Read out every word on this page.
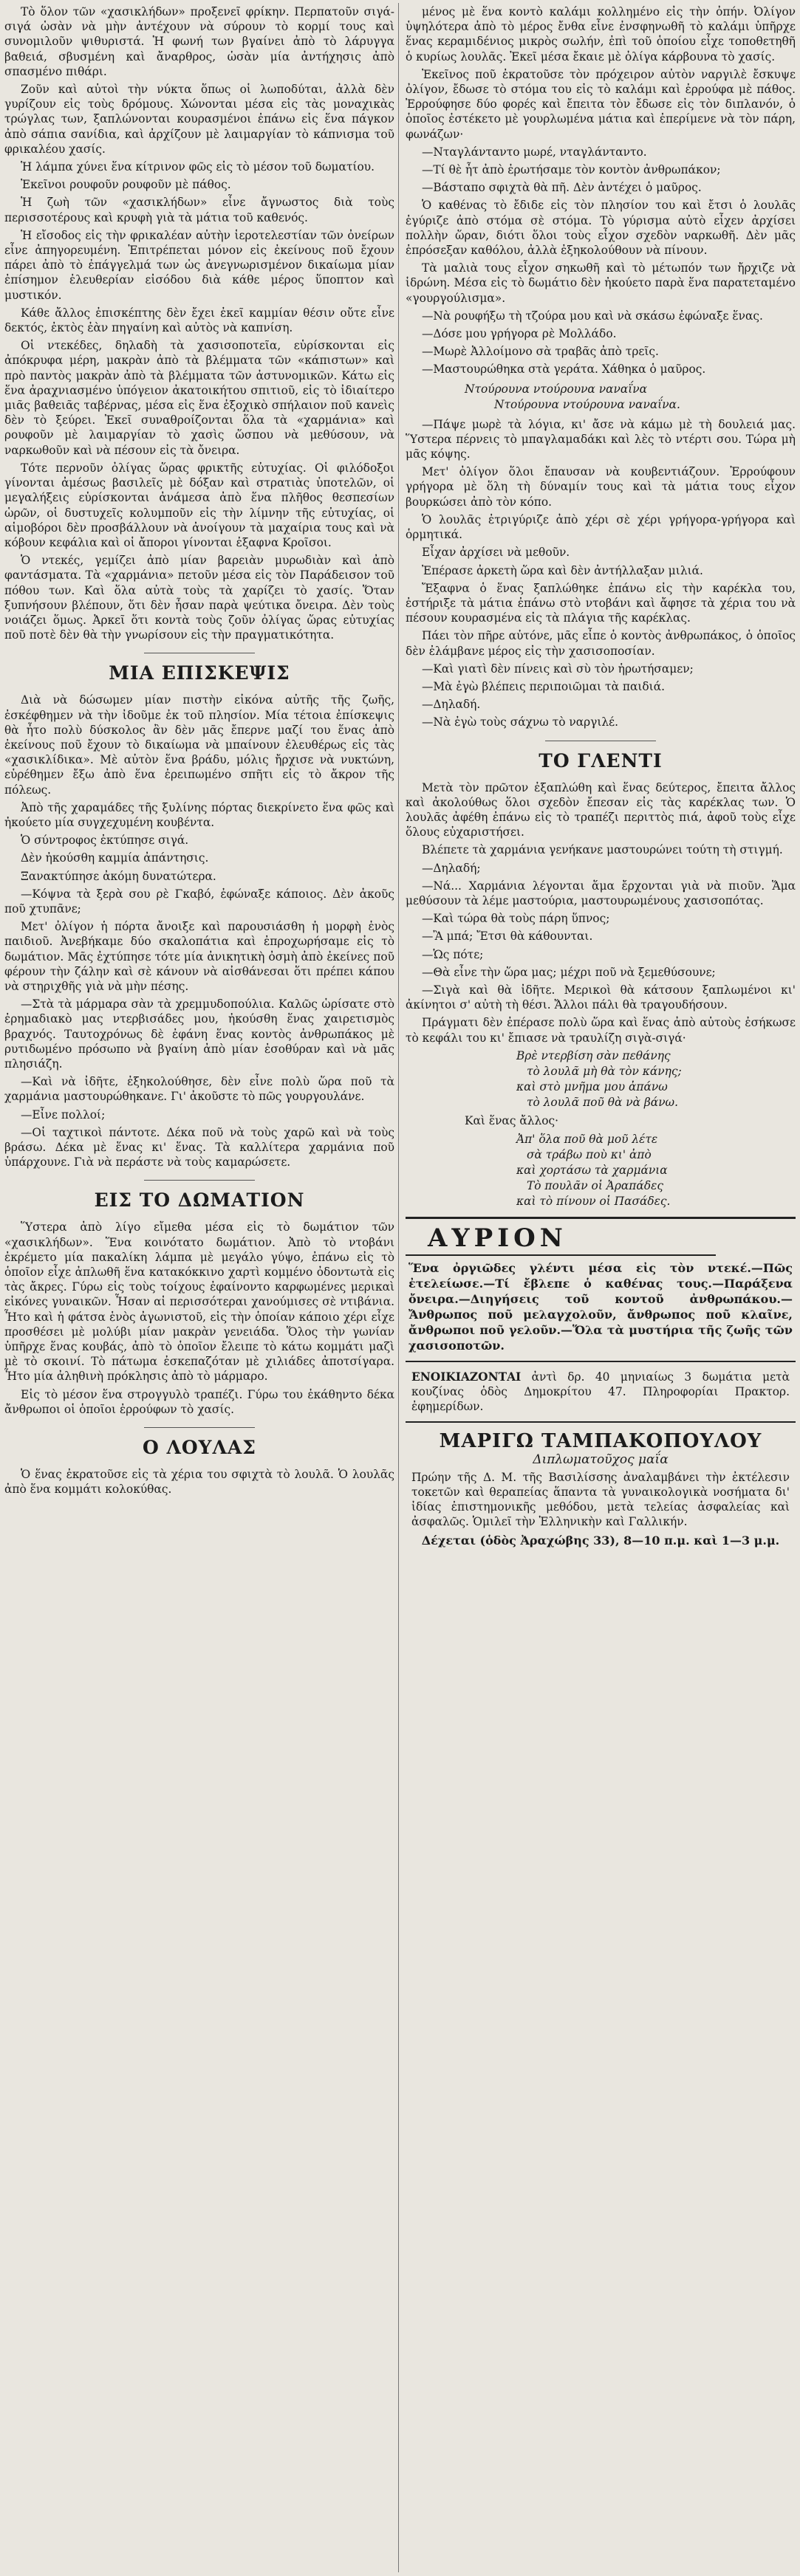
Τὸ ὅλον τῶν «χασικλήδων» προξενεῖ φρίκην. Περπατοῦν σιγά-σιγά ὡσὰν νὰ μὴν ἀντέχουν νὰ σύρουν τὸ κορμί τους καὶ συνομιλοῦν ψιθυριστά. Ἡ φωνή των βγαίνει ἀπὸ τὸ λάρυγγα βαθειά, σβυσμένη καὶ ἄναρθρος, ὡσὰν μία ἀντήχησις ἀπὸ σπασμένο πιθάρι.

Ζοῦν καὶ αὐτοὶ τὴν νύκτα ὅπως οἱ λωποδύται, ἀλλὰ δὲν γυρίζουν εἰς τοὺς δρόμους. Χώνονται μέσα εἰς τὰς μοναχικὰς τρώγλας των, ξαπλώνονται κουρασμένοι ἐπάνω εἰς ἕνα πάγκον ἀπὸ σάπια σανίδια, καὶ ἀρχίζουν μὲ λαιμαργίαν τὸ κάπνισμα τοῦ φρικαλέου χασίς.

Ἡ λάμπα χύνει ἕνα κίτρινον φῶς εἰς τὸ μέσον τοῦ δωματίου.

Ἐκεῖνοι ρουφοῦν ρουφοῦν μὲ πάθος.

Ἡ ζωὴ τῶν «χασικλήδων» εἶνε ἄγνωστος διὰ τοὺς περισσοτέρους καὶ κρυφὴ γιὰ τὰ μάτια τοῦ καθενός.

Ἡ εἴσοδος εἰς τὴν φρικαλέαν αὐτὴν ἱεροτελεστίαν τῶν ὀνείρων εἶνε ἀπηγορευμένη. Ἐπιτρέπεται μόνον εἰς ἐκείνους ποῦ ἔχουν πάρει ἀπὸ τὸ ἐπάγγελμά των ὡς ἀνεγνωρισμένον δικαίωμα μίαν ἐπίσημον ἐλευθερίαν εἰσόδου διὰ κάθε μέρος ὕποπτον καὶ μυστικόν.

Κάθε ἄλλος ἐπισκέπτης δὲν ἔχει ἐκεῖ καμμίαν θέσιν οὔτε εἶνε δεκτός, ἐκτὸς ἐὰν πηγαίνη καὶ αὐτὸς νὰ καπνίση.

Οἱ ντεκέδες, δηλαδὴ τὰ χασισοποτεῖα, εὑρίσκονται εἰς ἀπόκρυφα μέρη, μακρὰν ἀπὸ τὰ βλέμματα τῶν «κάπιστων» καὶ πρὸ παντὸς μακρὰν ἀπὸ τὰ βλέμματα τῶν ἀστυνομικῶν. Κάτω εἰς ἕνα ἀραχνιασμένο ὑπόγειον ἀκατοικήτου σπιτιοῦ, εἰς τὸ ἰδιαίτερο μιᾶς βαθειᾶς ταβέρνας, μέσα εἰς ἕνα ἐξοχικὸ σπήλαιον ποῦ κανεὶς δὲν τὸ ξεύρει. Ἐκεῖ συναθροίζονται ὅλα τὰ «χαρμάνια» καὶ ρουφοῦν μὲ λαιμαργίαν τὸ χασὶς ὥσπου νὰ μεθύσουν, νὰ ναρκωθοῦν καὶ νὰ πέσουν εἰς τὰ ὄνειρα.

Τότε περνοῦν ὀλίγας ὥρας φρικτῆς εὐτυχίας. Οἱ φιλόδοξοι γίνονται ἀμέσως βασιλεῖς μὲ δόξαν καὶ στρατιὰς ὑποτελῶν, οἱ μεγαλήξεις εὑρίσκονται ἀνάμεσα ἀπὸ ἕνα πλῆθος θεσπεσίων ὡρῶν, οἱ δυστυχεῖς κολυμποῦν εἰς τὴν λίμνην τῆς εὐτυχίας, οἱ αἱμοβόροι δὲν προσβάλλουν νὰ ἀνοίγουν τὰ μαχαίρια τους καὶ νὰ κόβουν κεφάλια καὶ οἱ ἄποροι γίνονται ἐξαφνα Κροῖσοι.

Ὁ ντεκές, γεμίζει ἀπὸ μίαν βαρειὰν μυρωδιὰν καὶ ἀπὸ φαντάσματα. Τὰ «χαρμάνια» πετοῦν μέσα εἰς τὸν Παράδεισον τοῦ πόθου των. Καὶ ὅλα αὐτὰ τοὺς τὰ χαρίζει τὸ χασίς. Ὅταν ξυπνήσουν βλέπουν, ὅτι δὲν ἦσαν παρὰ ψεύτικα ὄνειρα. Δὲν τοὺς νοιάζει ὅμως. Ἀρκεῖ ὅτι κοντὰ τοὺς ζοῦν ὀλίγας ὥρας εὐτυχίας ποῦ ποτὲ δὲν θὰ τὴν γνωρίσουν εἰς τὴν πραγματικότητα.

ΜΙΑ ΕΠΙΣΚΕΨΙΣ

Διὰ νὰ δώσωμεν μίαν πιστὴν εἰκόνα αὐτῆς τῆς ζωῆς, ἐσκέφθημεν νὰ τὴν ἰδοῦμε ἐκ τοῦ πλησίον. Μία τέτοια ἐπίσκεψις θὰ ἦτο πολὺ δύσκολος ἂν δὲν μᾶς ἔπερνε μαζί του ἕνας ἀπὸ ἐκείνους ποῦ ἔχουν τὸ δικαίωμα νὰ μπαίνουν ἐλευθέρως εἰς τὰς «χασικλίδικα». Μὲ αὐτὸν ἕνα βράδυ, μόλις ἤρχισε νὰ νυκτώνη, εὑρέθημεν ἔξω ἀπὸ ἕνα ἐρειπωμένο σπῆτι εἰς τὸ ἄκρον τῆς πόλεως.

Ἀπὸ τῆς χαραμάδες τῆς ξυλίνης πόρτας διεκρίνετο ἕνα φῶς καὶ ἠκούετο μία συγχεχυμένη κουβέντα.

Ὁ σύντροφος ἐκτύπησε σιγά.

Δὲν ἠκούσθη καμμία ἀπάντησις.

Ξανακτύπησε ἀκόμη δυνατώτερα.

—Κόψνα τὰ ξερὰ σου ρὲ Γκαβό, ἐφώναξε κάποιος. Δὲν ἀκοῦς ποῦ χτυπᾶνε;

Μετ' ὀλίγον ἡ πόρτα ἄνοιξε καὶ παρουσιάσθη ἡ μορφὴ ἑνὸς παιδιοῦ. Ἀνεβήκαμε δύο σκαλοπάτια καὶ ἐπροχωρήσαμε εἰς τὸ δωμάτιον. Μᾶς ἐχτύπησε τότε μία ἀνικητικὴ ὀσμὴ ἀπὸ ἐκείνες ποῦ φέρουν τὴν ζάλην καὶ σὲ κάνουν νὰ αἰσθάνεσαι ὅτι πρέπει κάπου νὰ στηριχθῆς γιὰ νὰ μὴν πέσης.

—Στὰ τὰ μάρμαρα σὰν τὰ χρεμμυδοπούλια. Καλῶς ὡρίσατε στὸ ἐρημαδιακὸ μας ντερβισάδες μου, ἠκούσθη ἕνας χαιρετισμὸς βραχνός. Ταυτοχρόνως δὲ ἐφάνη ἕνας κοντὸς ἀνθρωπάκος μὲ ρυτιδωμένο πρόσωπο νὰ βγαίνη ἀπὸ μίαν ἐσοθύραν καὶ νὰ μᾶς πλησιάζη.

—Καὶ νὰ ἰδῆτε, ἐξηκολούθησε, δὲν εἶνε πολὺ ὥρα ποῦ τὰ χαρμάνια μαστουρώθηκανε. Γι' ἀκοῦστε τὸ πῶς γουργουλάνε.

—Εἶνε πολλοί;

—Οἱ ταχτικοὶ πάντοτε. Δέκα ποῦ νὰ τοὺς χαρῶ καὶ νὰ τοὺς βράσω. Δέκα μὲ ἕνας κι' ἕνας. Τὰ καλλίτερα χαρμάνια ποῦ ὑπάρχουνε. Γιὰ νὰ περάστε νὰ τοὺς καμαρώσετε.

ΕΙΣ ΤΟ ΔΩΜΑΤΙΟΝ

Ὕστερα ἀπὸ λίγο εἴμεθα μέσα εἰς τὸ δωμάτιον τῶν «χασικλήδων». Ἕνα κοινότατο δωμάτιον. Ἀπὸ τὸ ντοβάνι ἐκρέμετο μία πακαλίκη λάμπα μὲ μεγάλο γύψο, ἐπάνω εἰς τὸ ὁποῖον εἶχε ἀπλωθῆ ἕνα κατακόκκινο χαρτὶ κομμένο ὀδοντωτὰ εἰς τὰς ἄκρες. Γύρω εἰς τοὺς τοίχους ἐφαίνοντο καρφωμένες μερικαὶ εἰκόνες γυναικῶν. Ἦσαν αἱ περισσότεραι χανούμισες σὲ ντιβάνια. Ἦτο καὶ ἡ φάτσα ἑνὸς ἀγωνιστοῦ, εἰς τὴν ὁποίαν κάποιο χέρι εἶχε προσθέσει μὲ μολύβι μίαν μακρὰν γενειάδα. Ὅλος τὴν γωνίαν ὑπῆρχε ἕνας κουβάς, ἀπὸ τὸ ὁποῖον ἔλειπε τὸ κάτω κομμάτι μαζὶ μὲ τὸ σκοινί. Τὸ πάτωμα ἐσκεπαζόταν μὲ χιλιάδες ἀποτσίγαρα. Ἦτο μία ἀληθινὴ πρόκλησις ἀπὸ τὸ μάρμαρο.

Εἰς τὸ μέσον ἕνα στρογγυλὸ τραπέζι. Γύρω του ἐκάθηντο δέκα ἄνθρωποι οἱ ὁποῖοι ἐρρούφων τὸ χασίς.

Ο ΛΟΥΛΑΣ

Ὁ ἕνας ἐκρατοῦσε εἰς τὰ χέρια του σφιχτὰ τὸ λουλᾶ. Ὁ λουλᾶς ἀπὸ ἕνα κομμάτι κολοκύθας.

μένος μὲ ἕνα κοντὸ καλάμι κολλημένο εἰς τὴν ὀπήν. Ὀλίγον ὑψηλότερα ἀπὸ τὸ μέρος ἔνθα εἶνε ἐνσφηνωθῆ τὸ καλάμι ὑπῆρχε ἕνας κεραμιδένιος μικρὸς σωλήν, ἐπὶ τοῦ ὁποίου εἶχε τοποθετηθῆ ὁ κυρίως λουλᾶς. Ἐκεῖ μέσα ἔκαιε μὲ ὀλίγα κάρβουνα τὸ χασίς.

Ἐκεῖνος ποῦ ἐκρατοῦσε τὸν πρόχειρον αὐτὸν ναργιλὲ ἔσκυψε ὀλίγον, ἔδωσε τὸ στόμα του εἰς τὸ καλάμι καὶ ἐρρούφα μὲ πάθος. Ἐρρούφησε δύο φορές καὶ ἔπειτα τὸν ἔδωσε εἰς τὸν διπλανόν, ὁ ὁποῖος ἐστέκετο μὲ γουρλωμένα μάτια καὶ ἐπερίμενε νὰ τὸν πάρη, φωνάζων·

—Νταγλάνταντο μωρέ, νταγλάνταντο.

—Τί θὲ ἦτ ἀπὸ ἐρωτήσαμε τὸν κοντὸν ἀνθρωπάκον;

—Βάσταπο σφιχτὰ θὰ πῆ. Δὲν ἀντέχει ὁ μαῦρος.

Ὁ καθένας τὸ ἔδιδε εἰς τὸν πλησίον του καὶ ἔτσι ὁ λουλᾶς ἐγύριζε ἀπὸ στόμα σὲ στόμα. Τὸ γύρισμα αὐτὸ εἶχεν ἀρχίσει πολλὴν ὥραν, διότι ὅλοι τοὺς εἶχον σχεδὸν ναρκωθῆ. Δὲν μᾶς ἐπρόσεξαν καθόλου, ἀλλὰ ἐξηκολούθουν νὰ πίνουν.

Τὰ μαλιὰ τους εἶχον σηκωθῆ καὶ τὸ μέτωπόν των ἤρχιζε νὰ ἱδρώνη. Μέσα εἰς τὸ δωμάτιο δὲν ἠκούετο παρὰ ἕνα παρατεταμένο «γουργούλισμα».

—Νὰ ρουφήξω τὴ τζούρα μου καὶ νὰ σκάσω ἐφώναξε ἕνας.

—Δόσε μου γρήγορα ρὲ Μολλάδο.

—Μωρὲ Ἀλλοίμονο σὰ τραβᾶς ἀπὸ τρεῖς.

—Μαστουρώθηκα στὰ γεράτα. Χάθηκα ὁ μαῦρος.

Ντούρουνα ντούρουνα ναναΐνα
Ντούρουνα ντούρουνα ναναΐνα.

—Πάψε μωρὲ τὰ λόγια, κι' ἄσε νὰ κάμω μὲ τὴ δουλειά μας. Ὕστερα πέρνεις τὸ μπαγλαμαδάκι καὶ λὲς τὸ ντέρτι σου. Τώρα μὴ μᾶς κόψης.

Μετ' ὀλίγον ὅλοι ἔπαυσαν νὰ κουβεντιάζουν. Ἐρρούφουν γρήγορα μὲ ὅλη τὴ δύναμίν τους καὶ τὰ μάτια τους εἶχον βουρκώσει ἀπὸ τὸν κόπο.

Ὁ λουλᾶς ἐτριγύριζε ἀπὸ χέρι σὲ χέρι γρήγορα-γρήγορα καὶ ὁρμητικά.

Εἶχαν ἀρχίσει νὰ μεθοῦν.

Ἐπέρασε ἀρκετὴ ὥρα καὶ δὲν ἀντήλλαξαν μιλιά.

Ἔξαφνα ὁ ἕνας ξαπλώθηκε ἐπάνω εἰς τὴν καρέκλα του, ἐστήριξε τὰ μάτια ἐπάνω στὸ ντοβάνι καὶ ἄφησε τὰ χέρια του νὰ πέσουν κουρασμένα εἰς τὰ πλάγια τῆς καρέκλας.

Πάει τὸν πῆρε αὐτόνε, μᾶς εἶπε ὁ κοντὸς ἀνθρωπάκος, ὁ ὁποῖος δὲν ἐλάμβανε μέρος εἰς τὴν χασισοποσίαν.

—Καὶ γιατὶ δὲν πίνεις καὶ σὺ τὸν ἡρωτήσαμεν;

—Μὰ ἐγὼ βλέπεις περιποιῶμαι τὰ παιδιά.

—Δηλαδή.

—Νὰ ἐγὼ τοὺς σάχνω τὸ ναργιλέ.

ΤΟ ΓΛΕΝΤΙ

Μετὰ τὸν πρῶτον ἐξαπλώθη καὶ ἕνας δεύτερος, ἔπειτα ἄλλος καὶ ἀκολούθως ὅλοι σχεδὸν ἔπεσαν εἰς τὰς καρέκλας των. Ὁ λουλᾶς ἀφέθη ἐπάνω εἰς τὸ τραπέζι περιττὸς πιά, ἀφοῦ τοὺς εἶχε ὅλους εὐχαριστήσει.

Βλέπετε τὰ χαρμάνια γενήκανε μαστουρώνει τούτη τὴ στιγμή.

—Δηλαδή;

—Νά... Χαρμάνια λέγονται ἅμα ἔρχονται γιὰ νὰ πιοῦν. Ἅμα μεθύσουν τὰ λέμε μαστούρια, μαστουρωμένους χασισοπότας.

—Καὶ τώρα θὰ τοὺς πάρη ὕπνος;

—Ἂ μπά; Ἔτσι θὰ κάθουνται.

—Ὡς πότε;

—Θὰ εἶνε τὴν ὥρα μας; μέχρι ποῦ νὰ ξεμεθύσουνε;

—Σιγὰ καὶ θὰ ἰδῆτε. Μερικοὶ θὰ κάτσουν ξαπλωμένοι κι' ἀκίνητοι σ' αὐτὴ τὴ θέσι. Ἄλλοι πάλι θὰ τραγουδήσουν.

Πράγματι δὲν ἐπέρασε πολὺ ὥρα καὶ ἕνας ἀπὸ αὐτοὺς ἐσήκωσε τὸ κεφάλι του κι' ἔπιασε νὰ τραυλίζη σιγὰ-σιγά·

Βρὲ ντερβίση σὰν πεθάνης
τὸ λουλᾶ μὴ θὰ τὸν κάνης;
καὶ στὸ μνῆμα μου ἀπάνω
τὸ λουλᾶ ποῦ θὰ νὰ βάνω.
Καὶ ἕνας ἄλλος·
Ἀπ' ὅλα ποῦ θὰ μοῦ λέτε
σὰ τράβω ποὺ κι' ἀπὸ
καὶ χορτάσω τὰ χαρμάνια
Τὸ πουλᾶν οἱ Ἀραπάδες
καὶ τὸ πίνουν οἱ Πασάδες.
ΑΥΡΙΟΝ
Ἕνα ὀργιῶδες γλέντι μέσα εἰς τὸν ντεκέ.—Πῶς ἐτελείωσε.—Τί ἔβλεπε ὁ καθένας τους.—Παράξενα ὄνειρα.—Διηγήσεις τοῦ κοντοῦ ἀνθρωπάκου.—Ἄνθρωπος ποῦ μελαγχολοῦν, ἄνθρωπος ποῦ κλαῖνε, ἄνθρωποι ποῦ γελοῦν.—Ὅλα τὰ μυστήρια τῆς ζωῆς τῶν χασισοποτῶν.
ΕΝΟΙΚΙΑΖΟΝΤΑΙ ἀντὶ δρ. 40 μηνιαίως 3 δωμάτια μετὰ κουζίνας ὁδὸς Δημοκρίτου 47. Πληροφορίαι Πρακτορ. ἐφημερίδων.
ΜΑΡΙΓΩ ΤΑΜΠΑΚΟΠΟΥΛΟΥ
Διπλωματοῦχος μαΐα
Πρώην τῆς Δ. Μ. τῆς Βασιλίσσης ἀναλαμβάνει τὴν ἐκτέλεσιν τοκετῶν καὶ θεραπείας ἅπαντα τὰ γυναικολογικὰ νοσήματα δι' ἰδίας ἐπιστημονικῆς μεθόδου, μετὰ τελείας ἀσφαλείας καὶ ἀσφαλῶς. Ὁμιλεῖ τὴν Ἑλληνικὴν καὶ Γαλλικήν.
Δέχεται (ὁδὸς Ἀραχώβης 33), 8—10 π.μ. καὶ 1—3 μ.μ.
